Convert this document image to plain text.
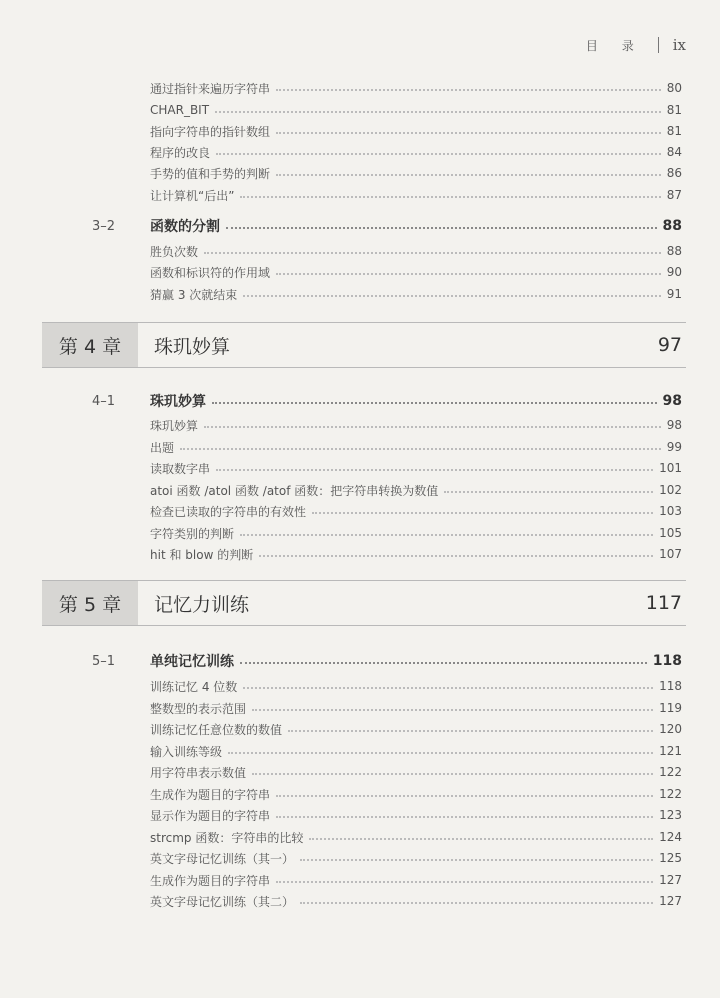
目 录 ix
通过指针来遍历字符串	80
CHAR_BIT	81
指向字符串的指针数组	81
程序的改良	84
手势的值和手势的判断	86
让计算机“后出”	87
3–2	函数的分割	88
胜负次数	88
函数和标识符的作用域	90
猜赢 3 次就结束	91
第 4 章	珠玑妙算	97
4–1	珠玑妙算	98
珠玑妙算	98
出题	99
读取数字串	101
atoi 函数 /atol 函数 /atof 函数：把字符串转换为数值	102
检查已读取的字符串的有效性	103
字符类别的判断	105
hit 和 blow 的判断	107
第 5 章	记忆力训练	117
5–1	单纯记忆训练	118
训练记忆 4 位数	118
整数型的表示范围	119
训练记忆任意位数的数值	120
输入训练等级	121
用字符串表示数值	122
生成作为题目的字符串	122
显示作为题目的字符串	123
strcmp 函数：字符串的比较	124
英文字母记忆训练（其一）	125
生成作为题目的字符串	127
英文字母记忆训练（其二）	127
